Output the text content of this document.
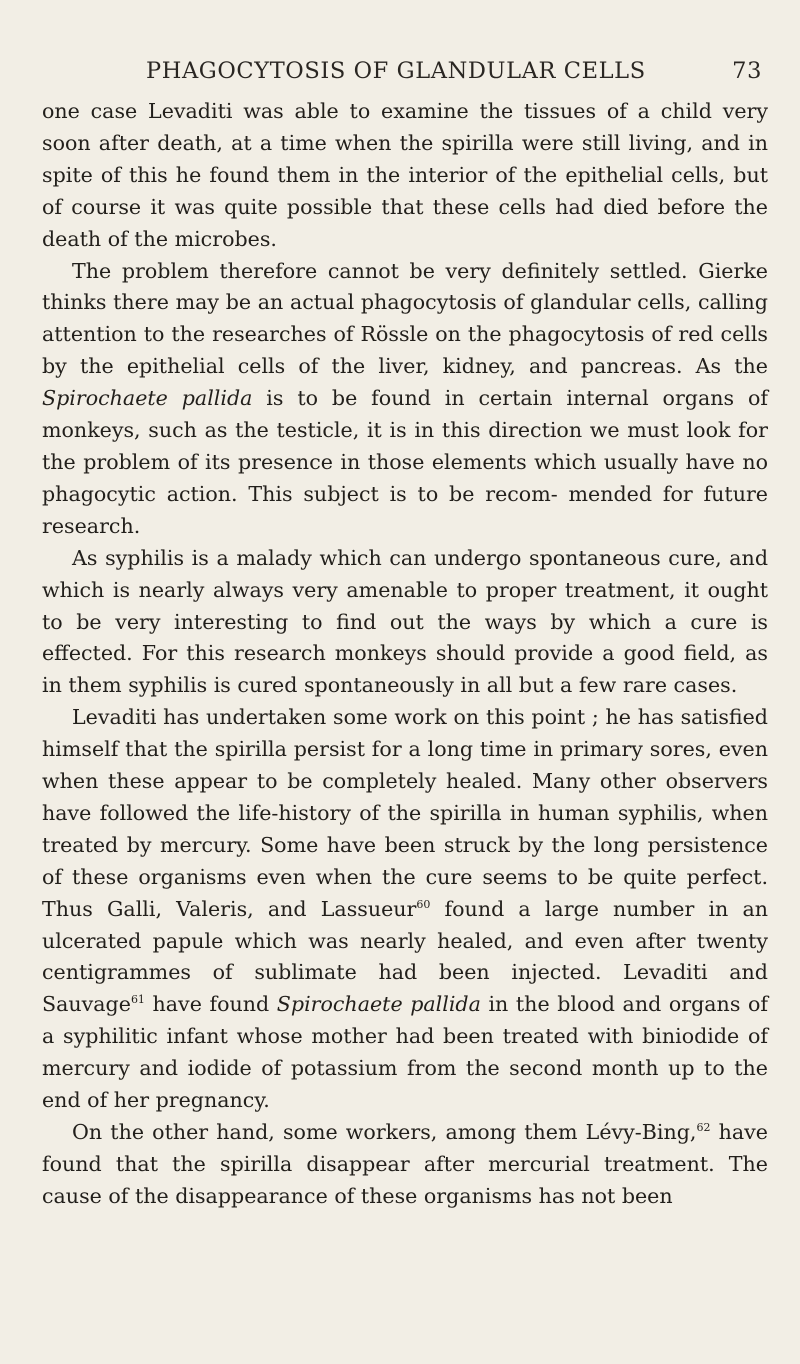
PHAGOCYTOSIS OF GLANDULAR CELLS	73

one case Levaditi was able to examine the tissues of a child very soon after death, at a time when the spirilla were still living, and in spite of this he found them in the interior of the epithelial cells, but of course it was quite possible that these cells had died before the death of the microbes.

The problem therefore cannot be very definitely settled. Gierke thinks there may be an actual phagocytosis of glandular cells, calling attention to the researches of Rössle on the phagocytosis of red cells by the epithelial cells of the liver, kidney, and pancreas. As the Spirochaete pallida is to be found in certain internal organs of monkeys, such as the testicle, it is in this direction we must look for the problem of its presence in those elements which usually have no phagocytic action. This subject is to be recom- mended for future research.

As syphilis is a malady which can undergo spontaneous cure, and which is nearly always very amenable to proper treatment, it ought to be very interesting to find out the ways by which a cure is effected. For this research monkeys should provide a good field, as in them syphilis is cured spontaneously in all but a few rare cases.

Levaditi has undertaken some work on this point ; he has satisfied himself that the spirilla persist for a long time in primary sores, even when these appear to be completely healed. Many other observers have followed the life-history of the spirilla in human syphilis, when treated by mercury. Some have been struck by the long persistence of these organisms even when the cure seems to be quite perfect. Thus Galli, Valeris, and Lassueur$^{60}$ found a large number in an ulcerated papule which was nearly healed, and even after twenty centigrammes of sublimate had been injected. Levaditi and Sauvage$^{61}$ have found Spirochaete pallida in the blood and organs of a syphilitic infant whose mother had been treated with biniodide of mercury and iodide of potassium from the second month up to the end of her pregnancy.

On the other hand, some workers, among them Lévy-Bing,$^{62}$ have found that the spirilla disappear after mercurial treatment. The cause of the disappearance of these organisms has not been
